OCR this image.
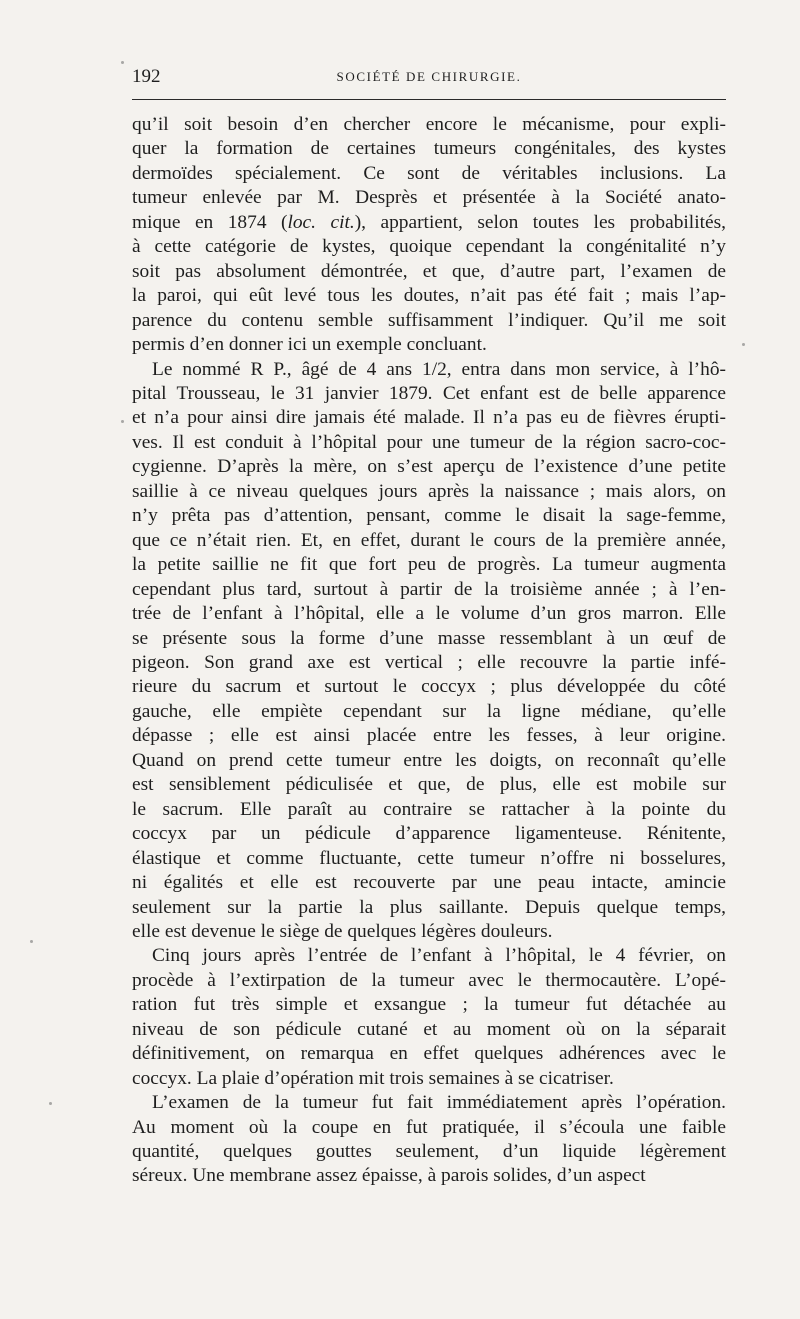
192	SOCIÉTÉ DE CHIRURGIE.
qu’il soit besoin d’en chercher encore le mécanisme, pour expli-
quer la formation de certaines tumeurs congénitales, des kystes
dermoïdes spécialement. Ce sont de véritables inclusions. La
tumeur enlevée par M. Desprès et présentée à la Société anato-
mique en 1874 (loc. cit.), appartient, selon toutes les probabilités,
à cette catégorie de kystes, quoique cependant la congénitalité n’y
soit pas absolument démontrée, et que, d’autre part, l’examen de
la paroi, qui eût levé tous les doutes, n’ait pas été fait ; mais l’ap-
parence du contenu semble suffisamment l’indiquer. Qu’il me soit
permis d’en donner ici un exemple concluant.
Le nommé R P., âgé de 4 ans 1/2, entra dans mon service, à l’hô-
pital Trousseau, le 31 janvier 1879. Cet enfant est de belle apparence
et n’a pour ainsi dire jamais été malade. Il n’a pas eu de fièvres érupti-
ves. Il est conduit à l’hôpital pour une tumeur de la région sacro-coc-
cygienne. D’après la mère, on s’est aperçu de l’existence d’une petite
saillie à ce niveau quelques jours après la naissance ; mais alors, on
n’y prêta pas d’attention, pensant, comme le disait la sage-femme,
que ce n’était rien. Et, en effet, durant le cours de la première année,
la petite saillie ne fit que fort peu de progrès. La tumeur augmenta
cependant plus tard, surtout à partir de la troisième année ; à l’en-
trée de l’enfant à l’hôpital, elle a le volume d’un gros marron. Elle
se présente sous la forme d’une masse ressemblant à un œuf de
pigeon. Son grand axe est vertical ; elle recouvre la partie infé-
rieure du sacrum et surtout le coccyx ; plus développée du côté
gauche, elle empiète cependant sur la ligne médiane, qu’elle
dépasse ; elle est ainsi placée entre les fesses, à leur origine.
Quand on prend cette tumeur entre les doigts, on reconnaît qu’elle
est sensiblement pédiculisée et que, de plus, elle est mobile sur
le sacrum. Elle paraît au contraire se rattacher à la pointe du
coccyx par un pédicule d’apparence ligamenteuse. Rénitente,
élastique et comme fluctuante, cette tumeur n’offre ni bosselures,
ni égalités et elle est recouverte par une peau intacte, amincie
seulement sur la partie la plus saillante. Depuis quelque temps,
elle est devenue le siège de quelques légères douleurs.
Cinq jours après l’entrée de l’enfant à l’hôpital, le 4 février, on
procède à l’extirpation de la tumeur avec le thermocautère. L’opé-
ration fut très simple et exsangue ; la tumeur fut détachée au
niveau de son pédicule cutané et au moment où on la séparait
définitivement, on remarqua en effet quelques adhérences avec le
coccyx. La plaie d’opération mit trois semaines à se cicatriser.
L’examen de la tumeur fut fait immédiatement après l’opération.
Au moment où la coupe en fut pratiquée, il s’écoula une faible
quantité, quelques gouttes seulement, d’un liquide légèrement
séreux. Une membrane assez épaisse, à parois solides, d’un aspect
